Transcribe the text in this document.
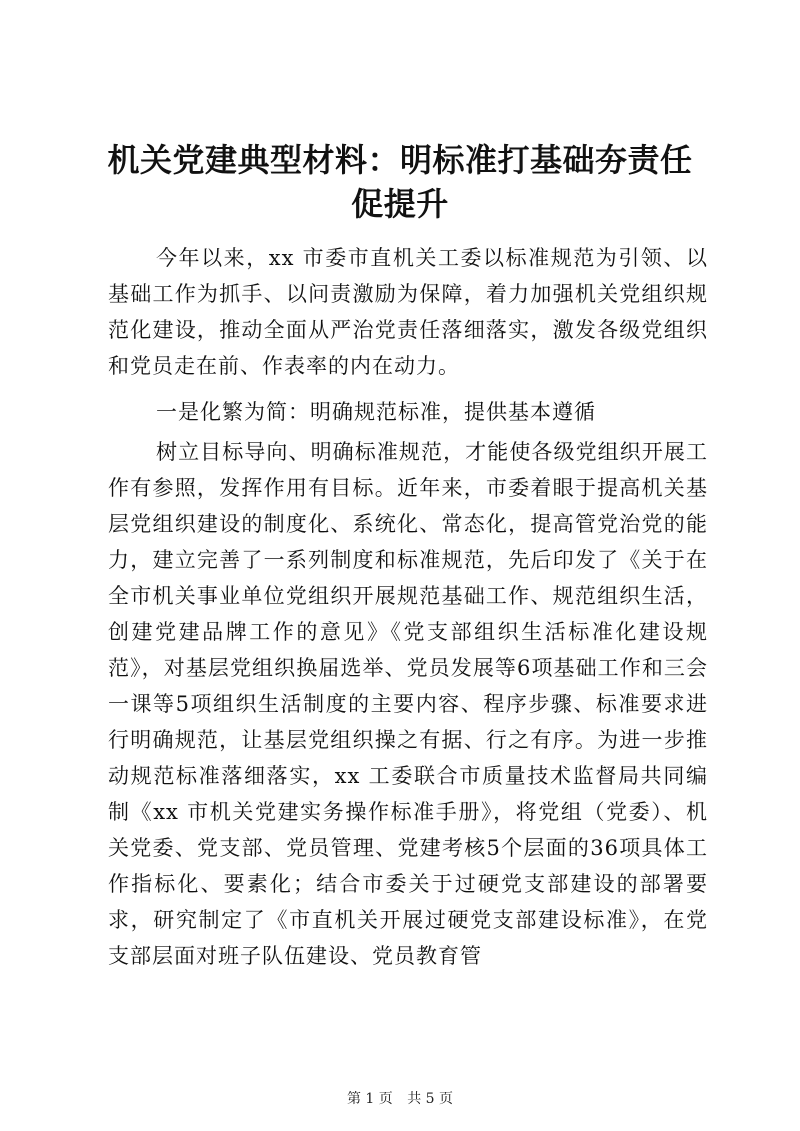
机关党建典型材料：明标准打基础夯责任促提升

今年以来，xx 市委市直机关工委以标准规范为引领、以基础工作为抓手、以问责激励为保障，着力加强机关党组织规范化建设，推动全面从严治党责任落细落实，激发各级党组织和党员走在前、作表率的内在动力。

一是化繁为简：明确规范标准，提供基本遵循

树立目标导向、明确标准规范，才能使各级党组织开展工作有参照，发挥作用有目标。近年来，市委着眼于提高机关基层党组织建设的制度化、系统化、常态化，提高管党治党的能力，建立完善了一系列制度和标准规范，先后印发了《关于在全市机关事业单位党组织开展规范基础工作、规范组织生活，创建党建品牌工作的意见》《党支部组织生活标准化建设规范》，对基层党组织换届选举、党员发展等6项基础工作和三会一课等5项组织生活制度的主要内容、程序步骤、标准要求进行明确规范，让基层党组织操之有据、行之有序。为进一步推动规范标准落细落实，xx 工委联合市质量技术监督局共同编制《xx 市机关党建实务操作标准手册》，将党组（党委）、机关党委、党支部、党员管理、党建考核5个层面的36项具体工作指标化、要素化；结合市委关于过硬党支部建设的部署要求，研究制定了《市直机关开展过硬党支部建设标准》，在党支部层面对班子队伍建设、党员教育管

第 1 页 共 5 页
